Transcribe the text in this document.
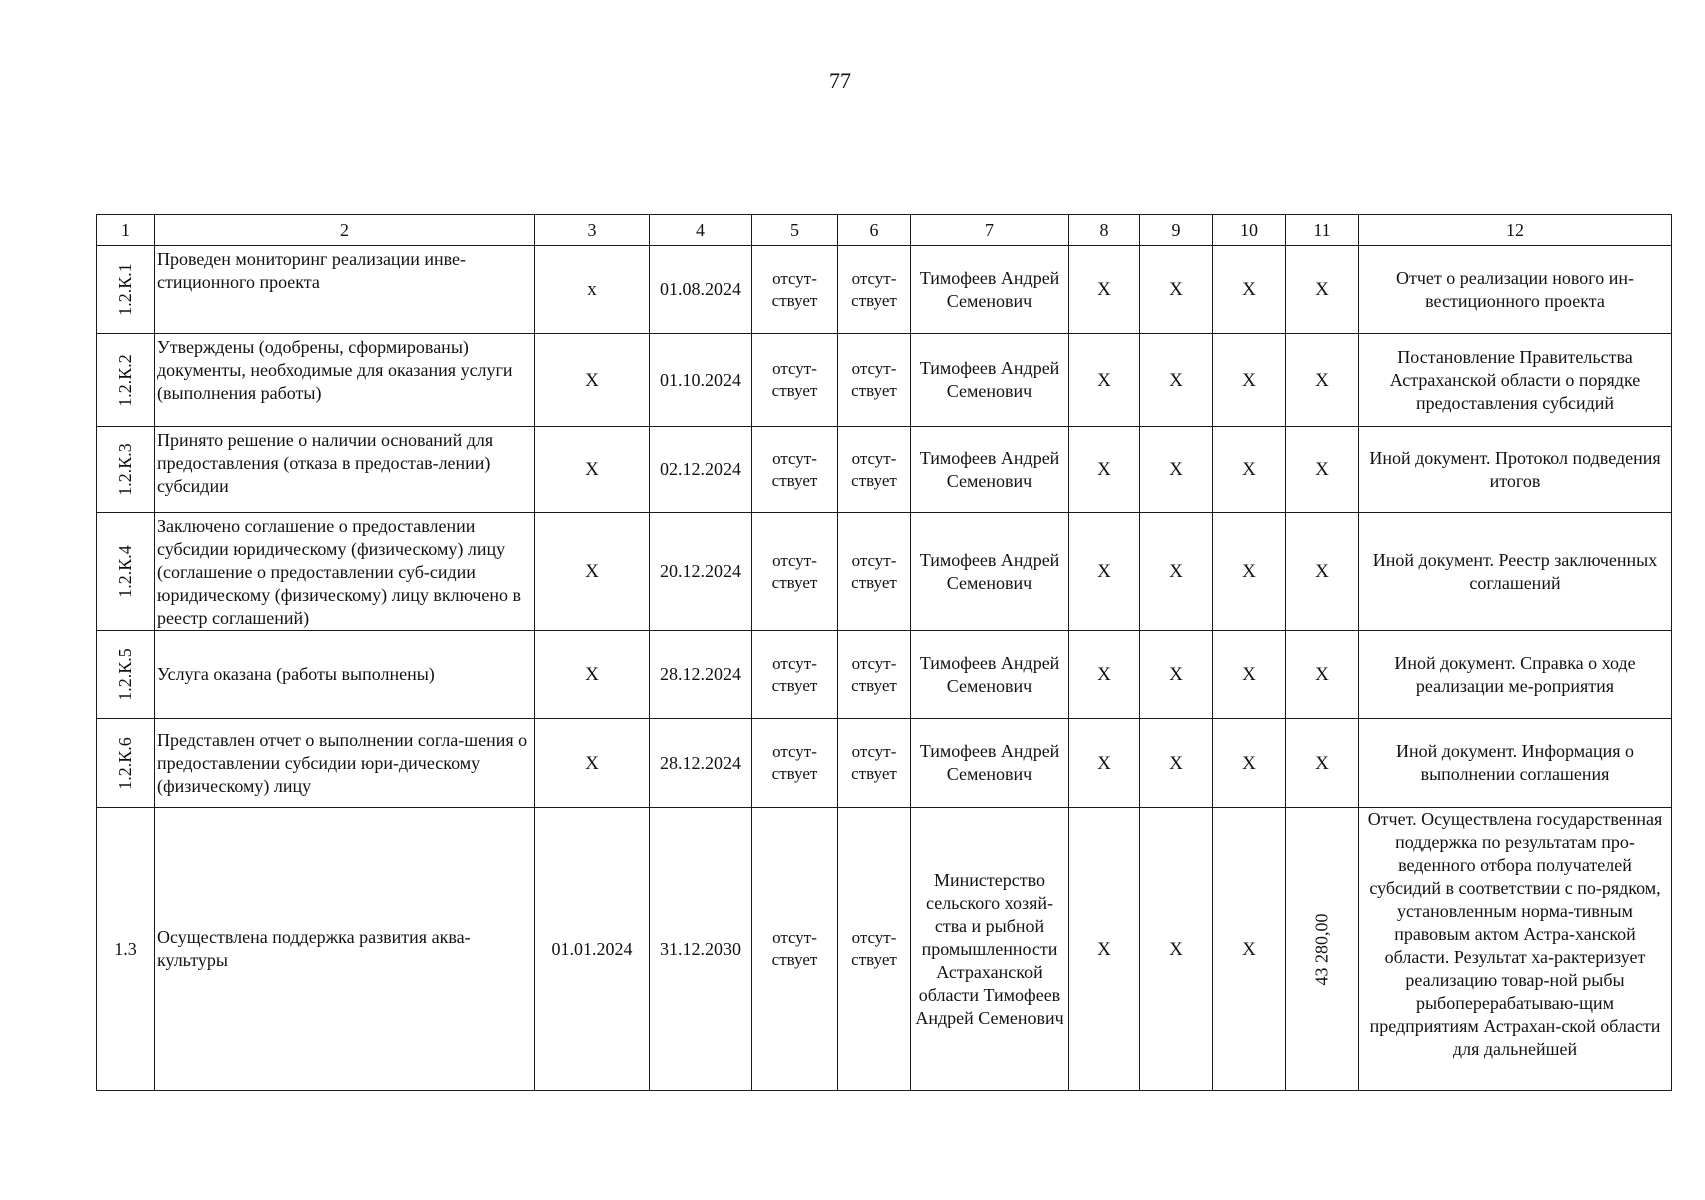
77
1	2	3	4	5	6	7	8	9	10	11	12
1.2.К.1	Проведен мониторинг реализации инве-стиционного проекта	x	01.08.2024	отсут-ствует	отсут-ствует	Тимофеев Андрей Семенович	X	X	X	X	Отчет о реализации нового ин-вестиционного проекта
1.2.К.2	Утверждены (одобрены, сформированы) документы, необходимые для оказания услуги (выполнения работы)	X	01.10.2024	отсут-ствует	отсут-ствует	Тимофеев Андрей Семенович	X	X	X	X	Постановление Правительства Астраханской области о порядке предоставления субсидий
1.2.К.3	Принято решение о наличии оснований для предоставления (отказа в предостав-лении) субсидии	X	02.12.2024	отсут-ствует	отсут-ствует	Тимофеев Андрей Семенович	X	X	X	X	Иной документ. Протокол подведения итогов
1.2.К.4	Заключено соглашение о предоставлении субсидии юридическому (физическому) лицу (соглашение о предоставлении суб-сидии юридическому (физическому) лицу включено в реестр соглашений)	X	20.12.2024	отсут-ствует	отсут-ствует	Тимофеев Андрей Семенович	X	X	X	X	Иной документ. Реестр заключенных соглашений
1.2.К.5	Услуга оказана (работы выполнены)	X	28.12.2024	отсут-ствует	отсут-ствует	Тимофеев Андрей Семенович	X	X	X	X	Иной документ. Справка о ходе реализации ме-роприятия
1.2.К.6	Представлен отчет о выполнении согла-шения о предоставлении субсидии юри-дическому (физическому) лицу	X	28.12.2024	отсут-ствует	отсут-ствует	Тимофеев Андрей Семенович	X	X	X	X	Иной документ. Информация о выполнении соглашения
1.3	Осуществлена поддержка развития аква-культуры	01.01.2024	31.12.2030	отсут-ствует	отсут-ствует	Министерство сельского хозяй-ства и рыбной промышленности Астраханской области Тимофеев Андрей Семенович	X	X	X	43 280,00	Отчет. Осуществлена государственная поддержка по результатам про-веденного отбора получателей субсидий в соответствии с по-рядком, установленным норма-тивным правовым актом Астра-ханской области. Результат ха-рактеризует реализацию товар-ной рыбы рыбоперерабатываю-щим предприятиям Астрахан-ской области для дальнейшей
